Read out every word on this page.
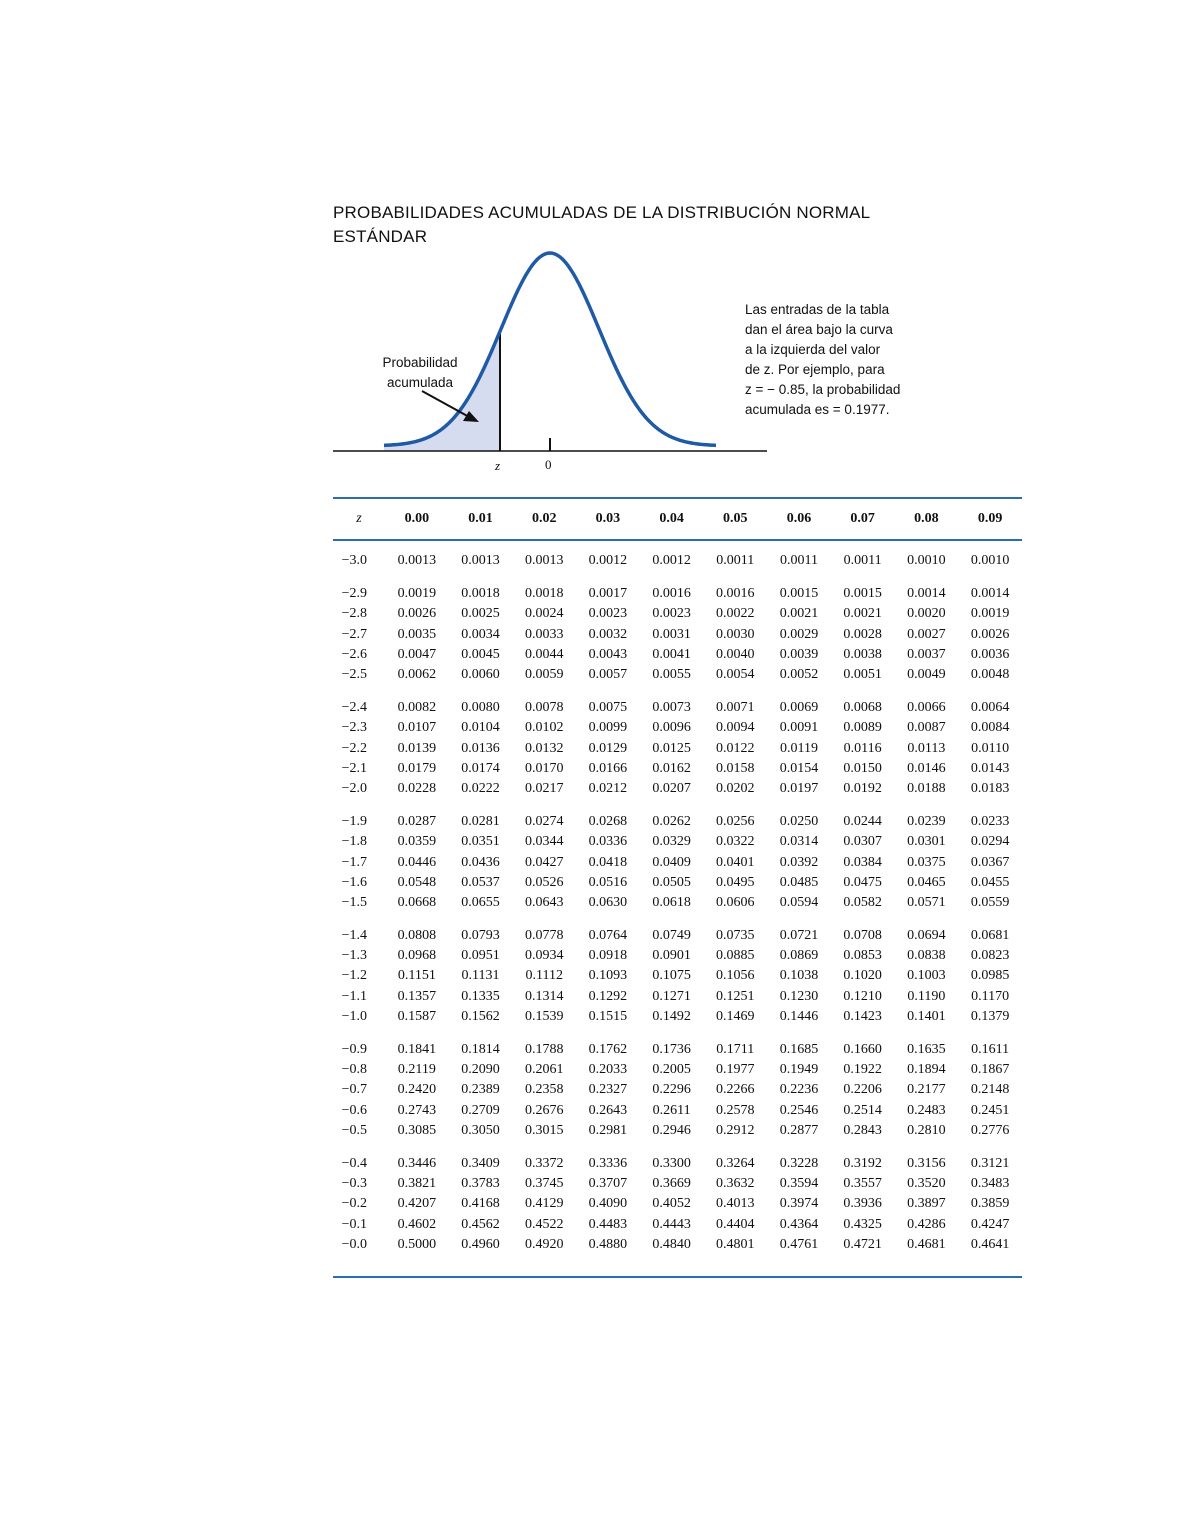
PROBABILIDADES ACUMULADAS DE LA DISTRIBUCIÓN NORMAL ESTÁNDAR
Probabilidad
acumulada
z	0
Las entradas de la tabla
dan el área bajo la curva
a la izquierda del valor
de z. Por ejemplo, para
z = − 0.85, la probabilidad
acumulada es = 0.1977.
z	0.00	0.01	0.02	0.03	0.04	0.05	0.06	0.07	0.08	0.09

−3.0	0.0013	0.0013	0.0013	0.0012	0.0012	0.0011	0.0011	0.0011	0.0010	0.0010

−2.9	0.0019	0.0018	0.0018	0.0017	0.0016	0.0016	0.0015	0.0015	0.0014	0.0014
−2.8	0.0026	0.0025	0.0024	0.0023	0.0023	0.0022	0.0021	0.0021	0.0020	0.0019
−2.7	0.0035	0.0034	0.0033	0.0032	0.0031	0.0030	0.0029	0.0028	0.0027	0.0026
−2.6	0.0047	0.0045	0.0044	0.0043	0.0041	0.0040	0.0039	0.0038	0.0037	0.0036
−2.5	0.0062	0.0060	0.0059	0.0057	0.0055	0.0054	0.0052	0.0051	0.0049	0.0048

−2.4	0.0082	0.0080	0.0078	0.0075	0.0073	0.0071	0.0069	0.0068	0.0066	0.0064
−2.3	0.0107	0.0104	0.0102	0.0099	0.0096	0.0094	0.0091	0.0089	0.0087	0.0084
−2.2	0.0139	0.0136	0.0132	0.0129	0.0125	0.0122	0.0119	0.0116	0.0113	0.0110
−2.1	0.0179	0.0174	0.0170	0.0166	0.0162	0.0158	0.0154	0.0150	0.0146	0.0143
−2.0	0.0228	0.0222	0.0217	0.0212	0.0207	0.0202	0.0197	0.0192	0.0188	0.0183

−1.9	0.0287	0.0281	0.0274	0.0268	0.0262	0.0256	0.0250	0.0244	0.0239	0.0233
−1.8	0.0359	0.0351	0.0344	0.0336	0.0329	0.0322	0.0314	0.0307	0.0301	0.0294
−1.7	0.0446	0.0436	0.0427	0.0418	0.0409	0.0401	0.0392	0.0384	0.0375	0.0367
−1.6	0.0548	0.0537	0.0526	0.0516	0.0505	0.0495	0.0485	0.0475	0.0465	0.0455
−1.5	0.0668	0.0655	0.0643	0.0630	0.0618	0.0606	0.0594	0.0582	0.0571	0.0559

−1.4	0.0808	0.0793	0.0778	0.0764	0.0749	0.0735	0.0721	0.0708	0.0694	0.0681
−1.3	0.0968	0.0951	0.0934	0.0918	0.0901	0.0885	0.0869	0.0853	0.0838	0.0823
−1.2	0.1151	0.1131	0.1112	0.1093	0.1075	0.1056	0.1038	0.1020	0.1003	0.0985
−1.1	0.1357	0.1335	0.1314	0.1292	0.1271	0.1251	0.1230	0.1210	0.1190	0.1170
−1.0	0.1587	0.1562	0.1539	0.1515	0.1492	0.1469	0.1446	0.1423	0.1401	0.1379

−0.9	0.1841	0.1814	0.1788	0.1762	0.1736	0.1711	0.1685	0.1660	0.1635	0.1611
−0.8	0.2119	0.2090	0.2061	0.2033	0.2005	0.1977	0.1949	0.1922	0.1894	0.1867
−0.7	0.2420	0.2389	0.2358	0.2327	0.2296	0.2266	0.2236	0.2206	0.2177	0.2148
−0.6	0.2743	0.2709	0.2676	0.2643	0.2611	0.2578	0.2546	0.2514	0.2483	0.2451
−0.5	0.3085	0.3050	0.3015	0.2981	0.2946	0.2912	0.2877	0.2843	0.2810	0.2776

−0.4	0.3446	0.3409	0.3372	0.3336	0.3300	0.3264	0.3228	0.3192	0.3156	0.3121
−0.3	0.3821	0.3783	0.3745	0.3707	0.3669	0.3632	0.3594	0.3557	0.3520	0.3483
−0.2	0.4207	0.4168	0.4129	0.4090	0.4052	0.4013	0.3974	0.3936	0.3897	0.3859
−0.1	0.4602	0.4562	0.4522	0.4483	0.4443	0.4404	0.4364	0.4325	0.4286	0.4247
−0.0	0.5000	0.4960	0.4920	0.4880	0.4840	0.4801	0.4761	0.4721	0.4681	0.4641
